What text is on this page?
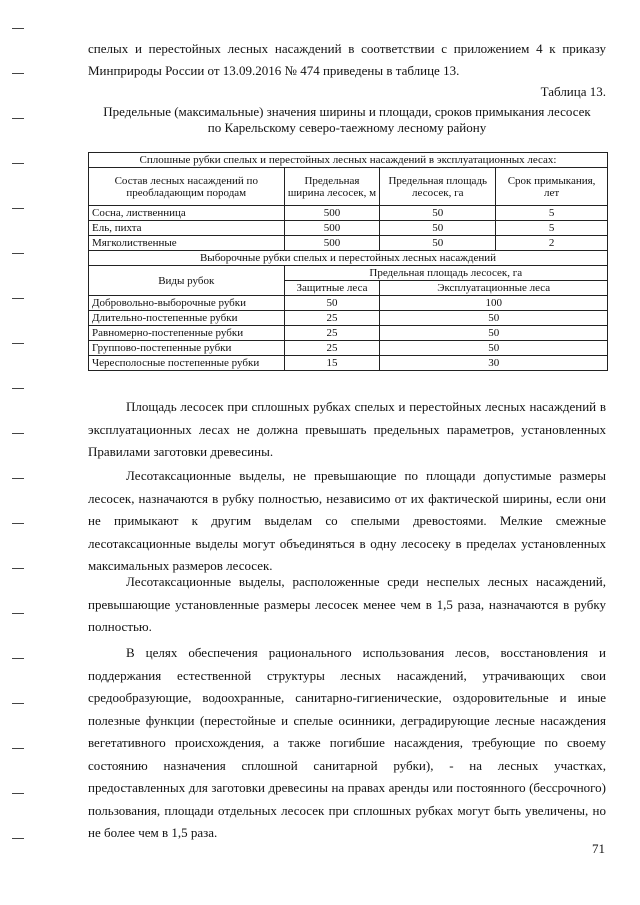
спелых и перестойных лесных насаждений в соответствии с приложением 4 к приказу

Минприроды России от 13.09.2016 № 474 приведены в таблице 13.

Таблица 13.
Предельные (максимальные) значения ширины и площади, сроков примыкания лесосек
по Карельскому северо-таежному лесному району
Сплошные рубки спелых и перестойных лесных насаждений в эксплуатационных лесах:			
Состав лесных насаждений по преобладающим породам	Предельная ширина лесосек, м	Предельная площадь лесосек, га	Срок примыкания, лет
Сосна, лиственница	500	50	5
Ель, пихта	500	50	5
Мягколиственные	500	50	2
Выборочные рубки спелых и перестойных лесных насаждений			
Виды рубок	Предельная площадь лесосек, га		
	Защитные леса	Эксплуатационные леса	
Добровольно-выборочные рубки	50	100	
Длительно-постепенные рубки	25	50	
Равномерно-постепенные рубки	25	50	
Группово-постепенные рубки	25	50	
Чересполосные постепенные рубки	15	30	

Площадь лесосек при сплошных рубках спелых и перестойных лесных насаждений в эксплуатационных лесах не должна превышать предельных параметров, установленных Правилами заготовки древесины.

Лесотаксационные выделы, не превышающие по площади допустимые размеры лесосек, назначаются в рубку полностью, независимо от их фактической ширины, если они не примыкают к другим выделам со спелыми древостоями. Мелкие смежные лесотаксационные выделы могут объединяться в одну лесосеку в пределах установленных максимальных размеров лесосек.

Лесотаксационные выделы, расположенные среди неспелых лесных насаждений, превышающие установленные размеры лесосек менее чем в 1,5 раза, назначаются в рубку полностью.

В целях обеспечения рационального использования лесов, восстановления и поддержания естественной структуры лесных насаждений, утрачивающих свои средообразующие, водоохранные, санитарно-гигиенические, оздоровительные и иные полезные функции (перестойные и спелые осинники, деградирующие лесные насаждения вегетативного происхождения, а также погибшие насаждения, требующие по своему состоянию назначения сплошной санитарной рубки), - на лесных участках, предоставленных для заготовки древесины на правах аренды или постоянного (бессрочного) пользования, площади отдельных лесосек при сплошных рубках могут быть увеличены, но не более чем в 1,5 раза.

71
